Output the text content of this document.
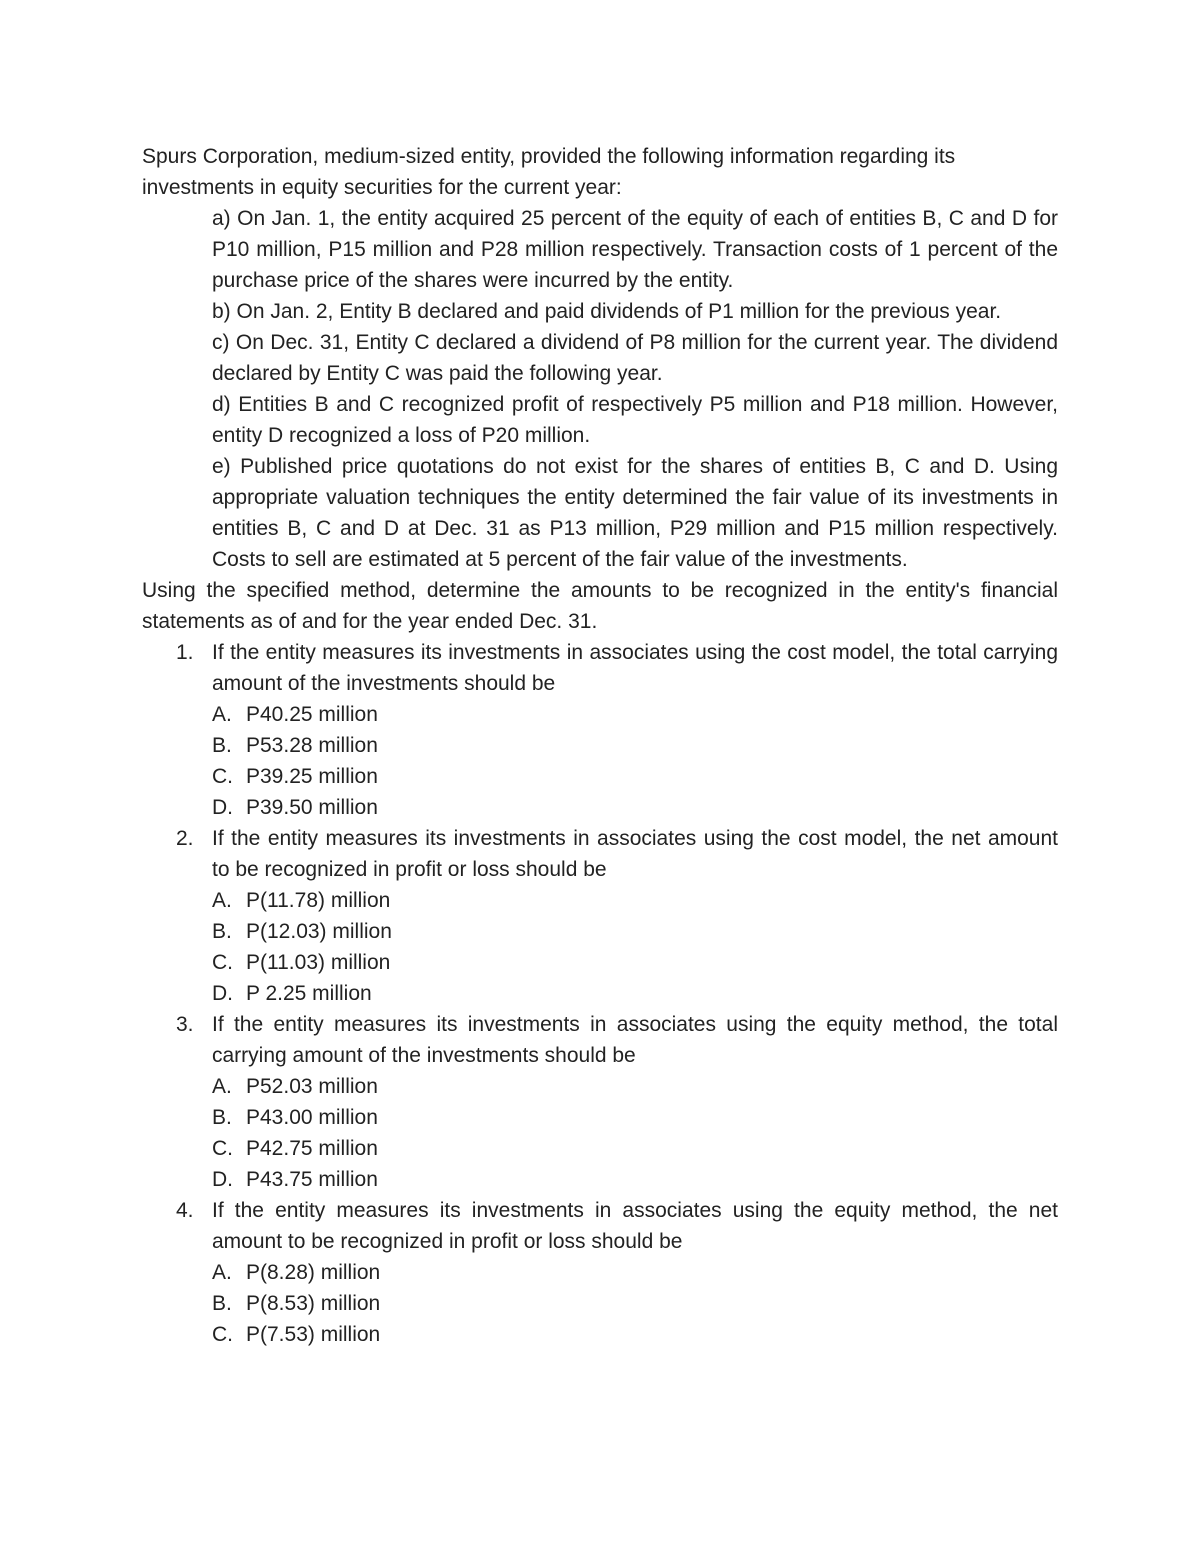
Spurs Corporation, medium-sized entity, provided the following information regarding its investments in equity securities for the current year:

a) On Jan. 1, the entity acquired 25 percent of the equity of each of entities B, C and D for P10 million, P15 million and P28 million respectively. Transaction costs of 1 percent of the purchase price of the shares were incurred by the entity.

b) On Jan. 2, Entity B declared and paid dividends of P1 million for the previous year.

c) On Dec. 31, Entity C declared a dividend of P8 million for the current year. The dividend declared by Entity C was paid the following year.

d) Entities B and C recognized profit of respectively P5 million and P18 million. However, entity D recognized a loss of P20 million.

e) Published price quotations do not exist for the shares of entities B, C and D. Using appropriate valuation techniques the entity determined the fair value of its investments in entities B, C and D at Dec. 31 as P13 million, P29 million and P15 million respectively. Costs to sell are estimated at 5 percent of the fair value of the investments.

Using the specified method, determine the amounts to be recognized in the entity's financial statements as of and for the year ended Dec. 31.

1. If the entity measures its investments in associates using the cost model, the total carrying amount of the investments should be
A. P40.25 million
B. P53.28 million
C. P39.25 million
D. P39.50 million
2. If the entity measures its investments in associates using the cost model, the net amount to be recognized in profit or loss should be
A. P(11.78) million
B. P(12.03) million
C. P(11.03) million
D. P 2.25 million
3. If the entity measures its investments in associates using the equity method, the total carrying amount of the investments should be
A. P52.03 million
B. P43.00 million
C. P42.75 million
D. P43.75 million
4. If the entity measures its investments in associates using the equity method, the net amount to be recognized in profit or loss should be
A. P(8.28) million
B. P(8.53) million
C. P(7.53) million
